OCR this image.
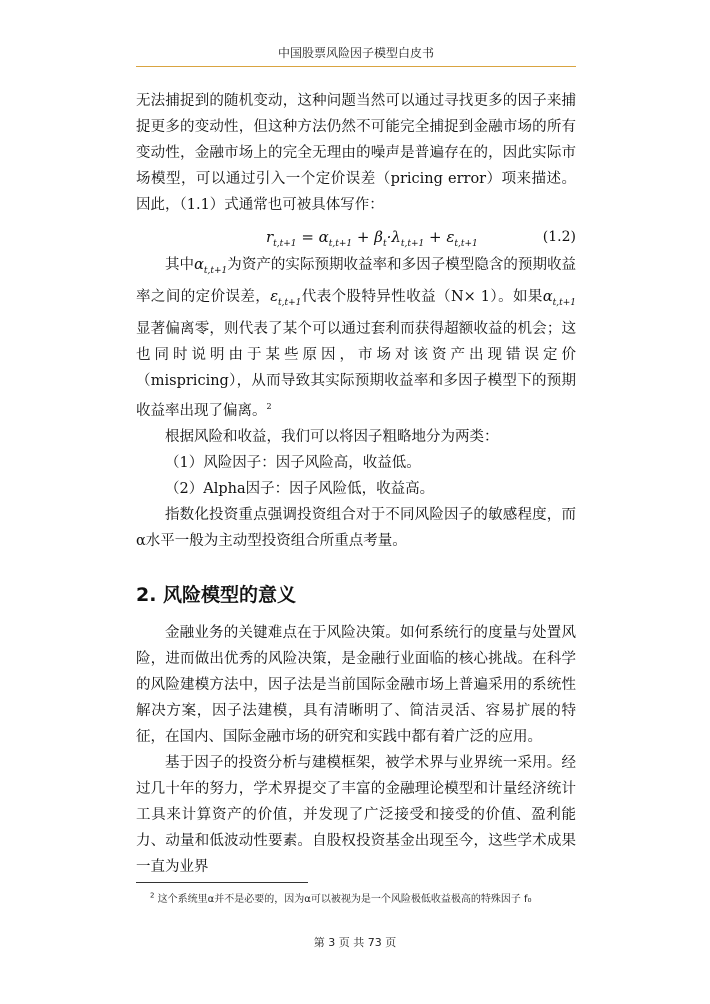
中国股票风险因子模型白皮书

无法捕捉到的随机变动，这种问题当然可以通过寻找更多的因子来捕捉更多的变动性，但这种方法仍然不可能完全捕捉到金融市场的所有变动性，金融市场上的完全无理由的噪声是普遍存在的，因此实际市场模型，可以通过引入一个定价误差（pricing error）项来描述。因此，（1.1）式通常也可被具体写作：

$r_{t,t+1} = \alpha_{t,t+1} + \beta_t\cdot\lambda_{t,t+1} + \varepsilon_{t,t+1}$	(1.2)

其中$\alpha_{t,t+1}$为资产的实际预期收益率和多因子模型隐含的预期收益率之间的定价误差，$\varepsilon_{t,t+1}$代表个股特异性收益（N× 1）。如果$\alpha_{t,t+1}$显著偏离零，则代表了某个可以通过套利而获得超额收益的机会；这也同时说明由于某些原因，市场对该资产出现错误定价（mispricing），从而导致其实际预期收益率和多因子模型下的预期收益率出现了偏离。$^2$

根据风险和收益，我们可以将因子粗略地分为两类：

（1）风险因子：因子风险高，收益低。

（2）Alpha因子：因子风险低，收益高。

指数化投资重点强调投资组合对于不同风险因子的敏感程度，而α水平一般为主动型投资组合所重点考量。

2. 风险模型的意义

金融业务的关键难点在于风险决策。如何系统行的度量与处置风险，进而做出优秀的风险决策，是金融行业面临的核心挑战。在科学的风险建模方法中，因子法是当前国际金融市场上普遍采用的系统性解决方案，因子法建模，具有清晰明了、简洁灵活、容易扩展的特征，在国内、国际金融市场的研究和实践中都有着广泛的应用。

基于因子的投资分析与建模框架，被学术界与业界统一采用。经过几十年的努力，学术界提交了丰富的金融理论模型和计量经济统计工具来计算资产的价值，并发现了广泛接受和接受的价值、盈利能力、动量和低波动性要素。自股权投资基金出现至今，这些学术成果一直为业界

$^2$ 这个系统里α并不是必要的，因为α可以被视为是一个风险极低收益极高的特殊因子 f₀
第 3 页 共 73 页
